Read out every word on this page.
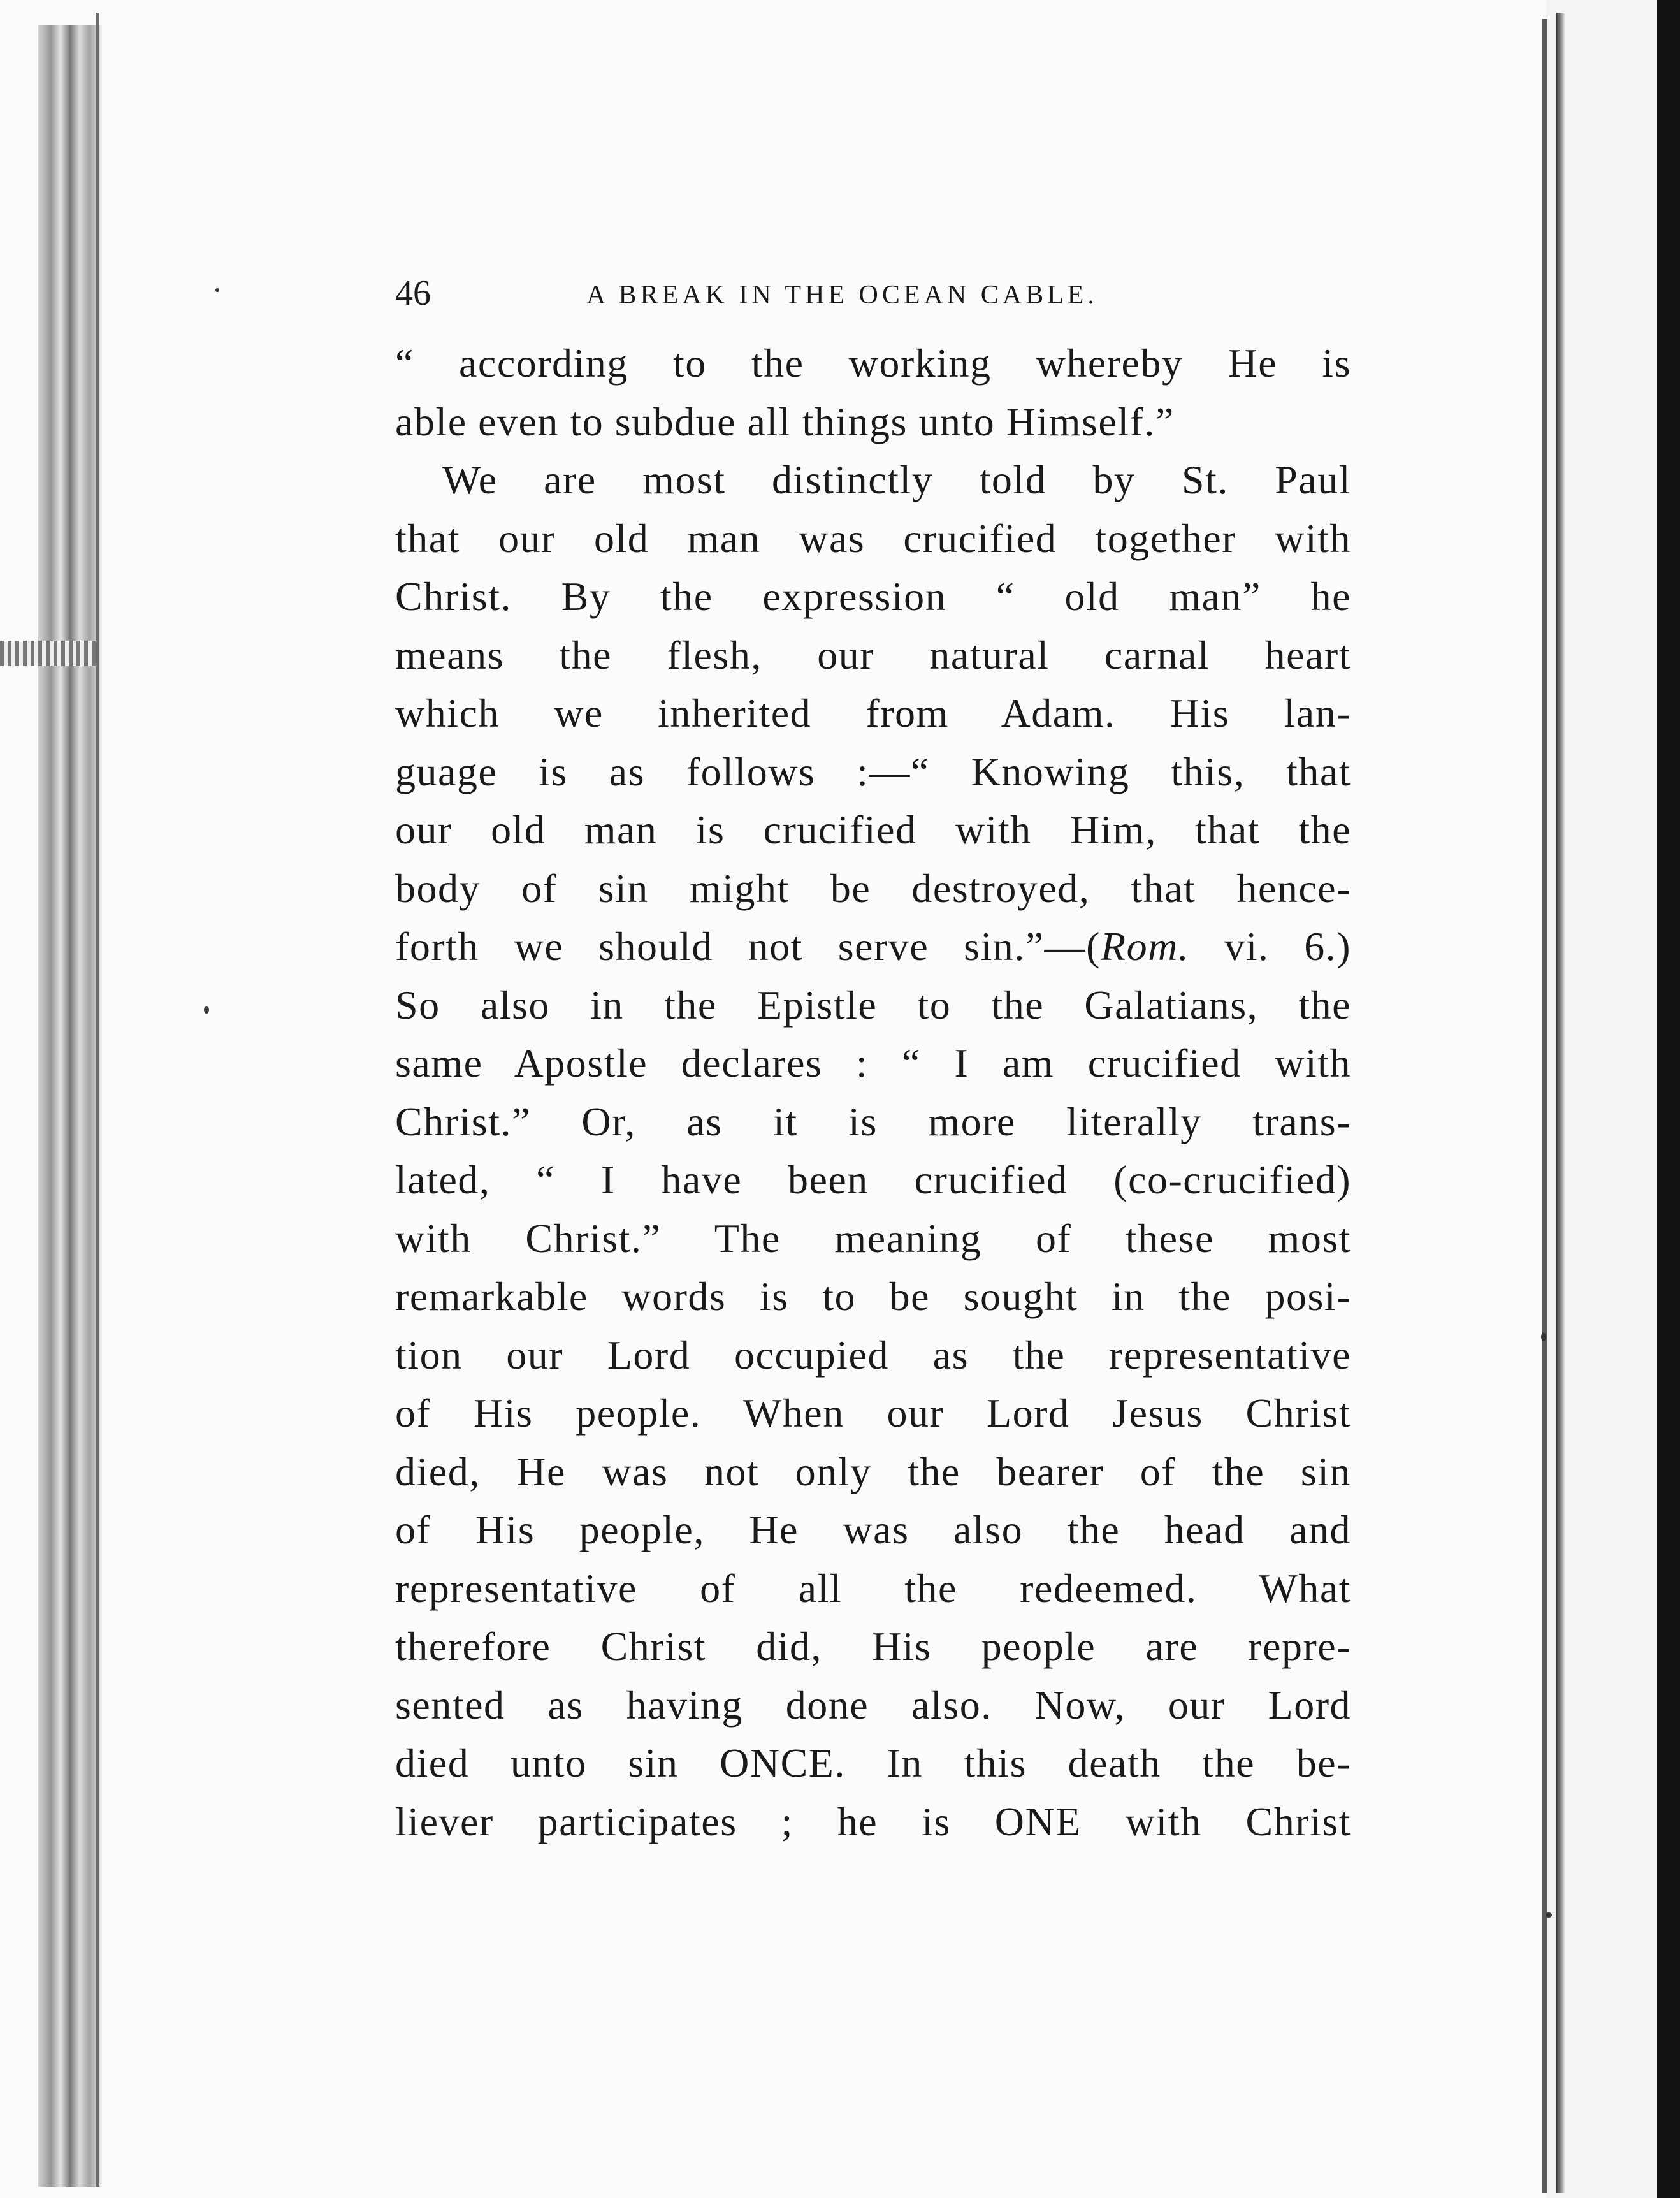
46	A BREAK IN THE OCEAN CABLE.
“ according to the working whereby He is
able even to subdue all things unto Himself.”
We are most distinctly told by St. Paul
that our old man was crucified together with
Christ. By the expression “ old man” he
means the flesh, our natural carnal heart
which we inherited from Adam. His lan-
guage is as follows :—“ Knowing this, that
our old man is crucified with Him, that the
body of sin might be destroyed, that hence-
forth we should not serve sin.”—(Rom. vi. 6.)
So also in the Epistle to the Galatians, the
same Apostle declares : “ I am crucified with
Christ.” Or, as it is more literally trans-
lated, “ I have been crucified (co-crucified)
with Christ.” The meaning of these most
remarkable words is to be sought in the posi-
tion our Lord occupied as the representative
of His people. When our Lord Jesus Christ
died, He was not only the bearer of the sin
of His people, He was also the head and
representative of all the redeemed. What
therefore Christ did, His people are repre-
sented as having done also. Now, our Lord
died unto sin ONCE. In this death the be-
liever participates ; he is ONE with Christ
